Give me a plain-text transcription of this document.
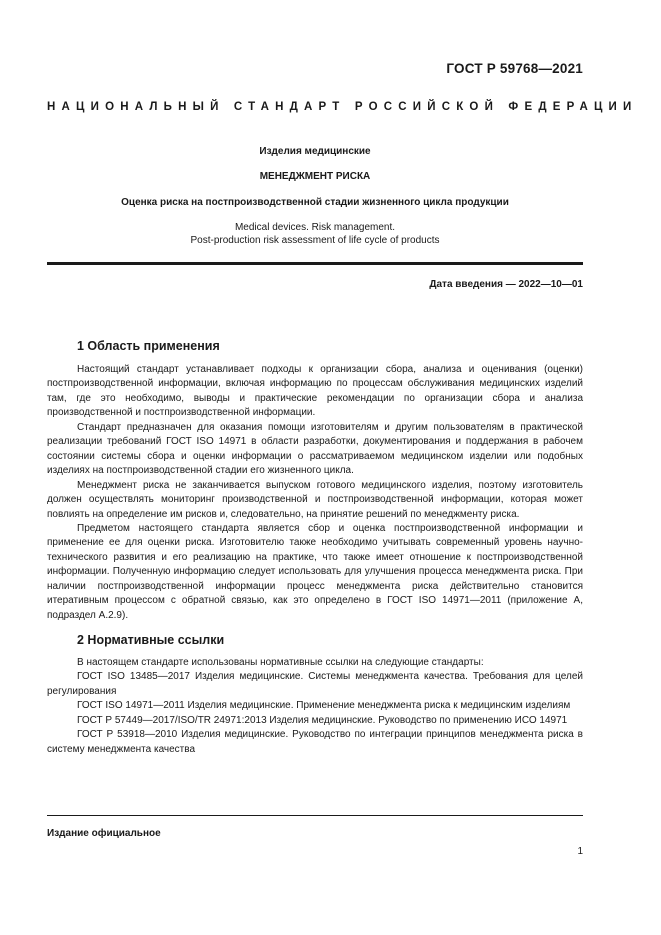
ГОСТ Р 59768—2021
НАЦИОНАЛЬНЫЙ СТАНДАРТ РОССИЙСКОЙ ФЕДЕРАЦИИ
Изделия медицинские
МЕНЕДЖМЕНТ РИСКА
Оценка риска на постпроизводственной стадии жизненного цикла продукции
Medical devices. Risk management.
Post-production risk assessment of life cycle of products
Дата введения — 2022—10—01
1 Область применения

Настоящий стандарт устанавливает подходы к организации сбора, анализа и оценивания (оценки) постпроизводственной информации, включая информацию по процессам обслуживания медицинских изделий там, где это необходимо, выводы и практические рекомендации по организации сбора и анализа производственной и постпроизводственной информации.

Стандарт предназначен для оказания помощи изготовителям и другим пользователям в практической реализации требований ГОСТ ISO 14971 в области разработки, документирования и поддержания в рабочем состоянии системы сбора и оценки информации о рассматриваемом медицинском изделии или подобных изделиях на постпроизводственной стадии его жизненного цикла.

Менеджмент риска не заканчивается выпуском готового медицинского изделия, поэтому изготовитель должен осуществлять мониторинг производственной и постпроизводственной информации, которая может повлиять на определение им рисков и, следовательно, на принятие решений по менеджменту риска.

Предметом настоящего стандарта является сбор и оценка постпроизводственной информации и применение ее для оценки риска. Изготовителю также необходимо учитывать современный уровень научно-технического развития и его реализацию на практике, что также имеет отношение к постпроизводственной информации. Полученную информацию следует использовать для улучшения процесса менеджмента риска. При наличии постпроизводственной информации процесс менеджмента риска действительно становится итеративным процессом с обратной связью, как это определено в ГОСТ ISO 14971—2011 (приложение А, подраздел А.2.9).

2 Нормативные ссылки

В настоящем стандарте использованы нормативные ссылки на следующие стандарты:

ГОСТ ISO 13485—2017 Изделия медицинские. Системы менеджмента качества. Требования для целей регулирования

ГОСТ ISO 14971—2011 Изделия медицинские. Применение менеджмента риска к медицинским изделиям

ГОСТ Р 57449—2017/ISO/TR 24971:2013 Изделия медицинские. Руководство по применению ИСО 14971

ГОСТ Р 53918—2010 Изделия медицинские. Руководство по интеграции принципов менеджмента риска в систему менеджмента качества

Издание официальное
1
